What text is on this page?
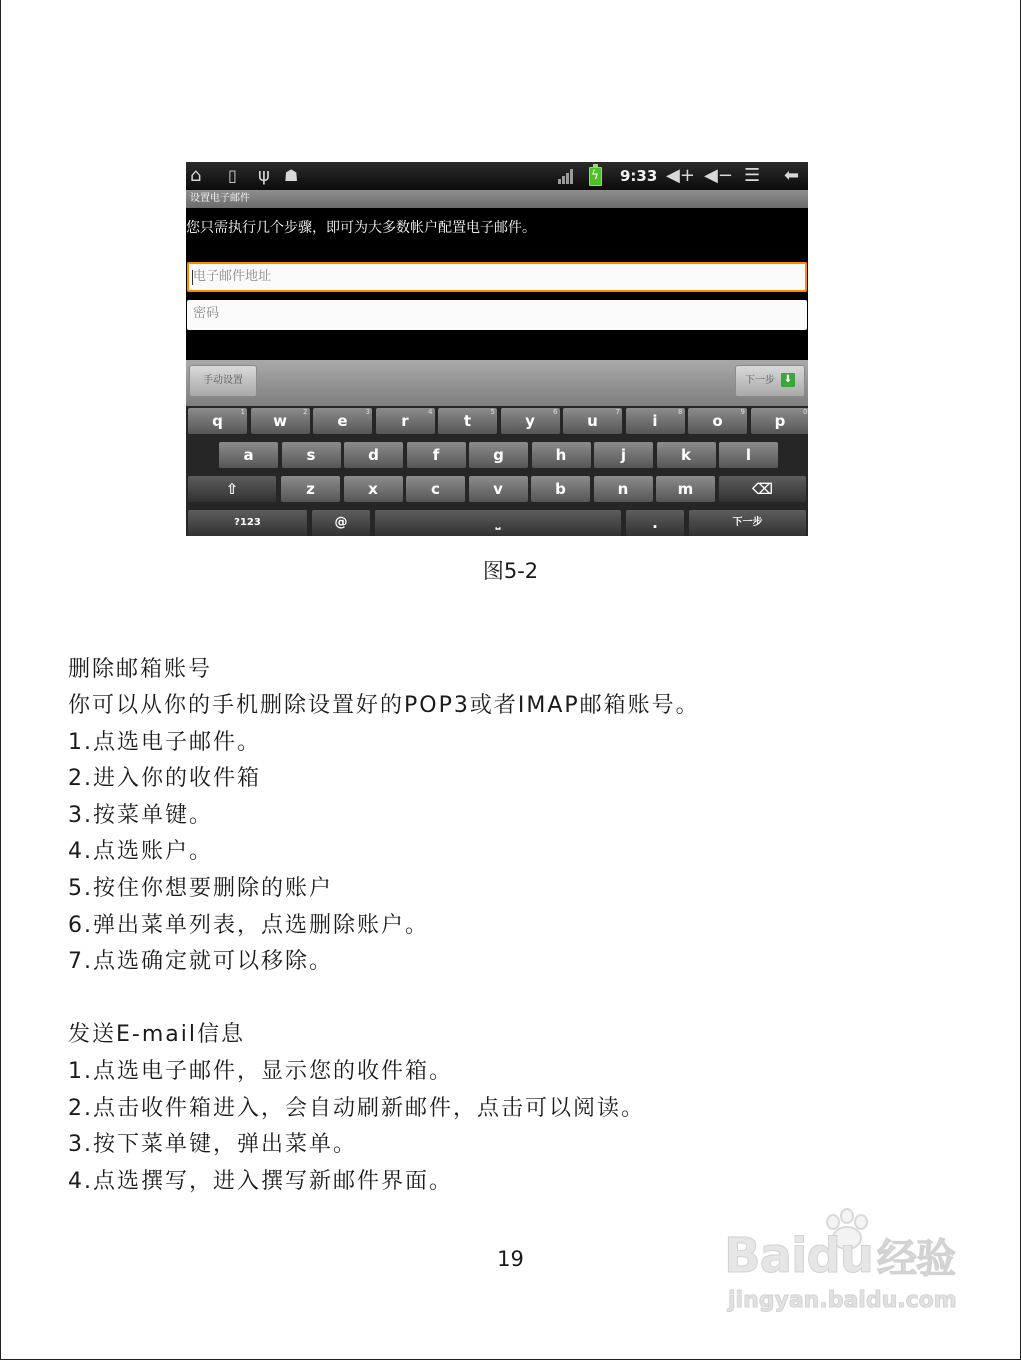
⌂ ▯ ψ ☗	ϟ 9:33 ◀+ ◀− ☰ ⬅
设置电子邮件
您只需执行几个步骤，即可为大多数帐户配置电子邮件。
电子邮件地址
密码
手动设置	下一步 ⬇
q	1	w 2	e	3	r	4	t	5	y	6	u	7	i	8	o	9	p	0
a	s	d	f	g	h	j	k	l
⇧	z	x	c	v	b	n	m	⌫
?123	@	⎵	.	下一步
图5-2
删除邮箱账号
你可以从你的手机删除设置好的POP3或者IMAP邮箱账号。
1.点选电子邮件。
2.进入你的收件箱
3.按菜单键。
4.点选账户。
5.按住你想要删除的账户
6.弹出菜单列表，点选删除账户。
7.点选确定就可以移除。
发送E-mail信息
1.点选电子邮件，显示您的收件箱。
2.点击收件箱进入，会自动刷新邮件，点击可以阅读。
3.按下菜单键，弹出菜单。
4.点选撰写，进入撰写新邮件界面。
19	Baidu 经验
jingyan.baidu.com
